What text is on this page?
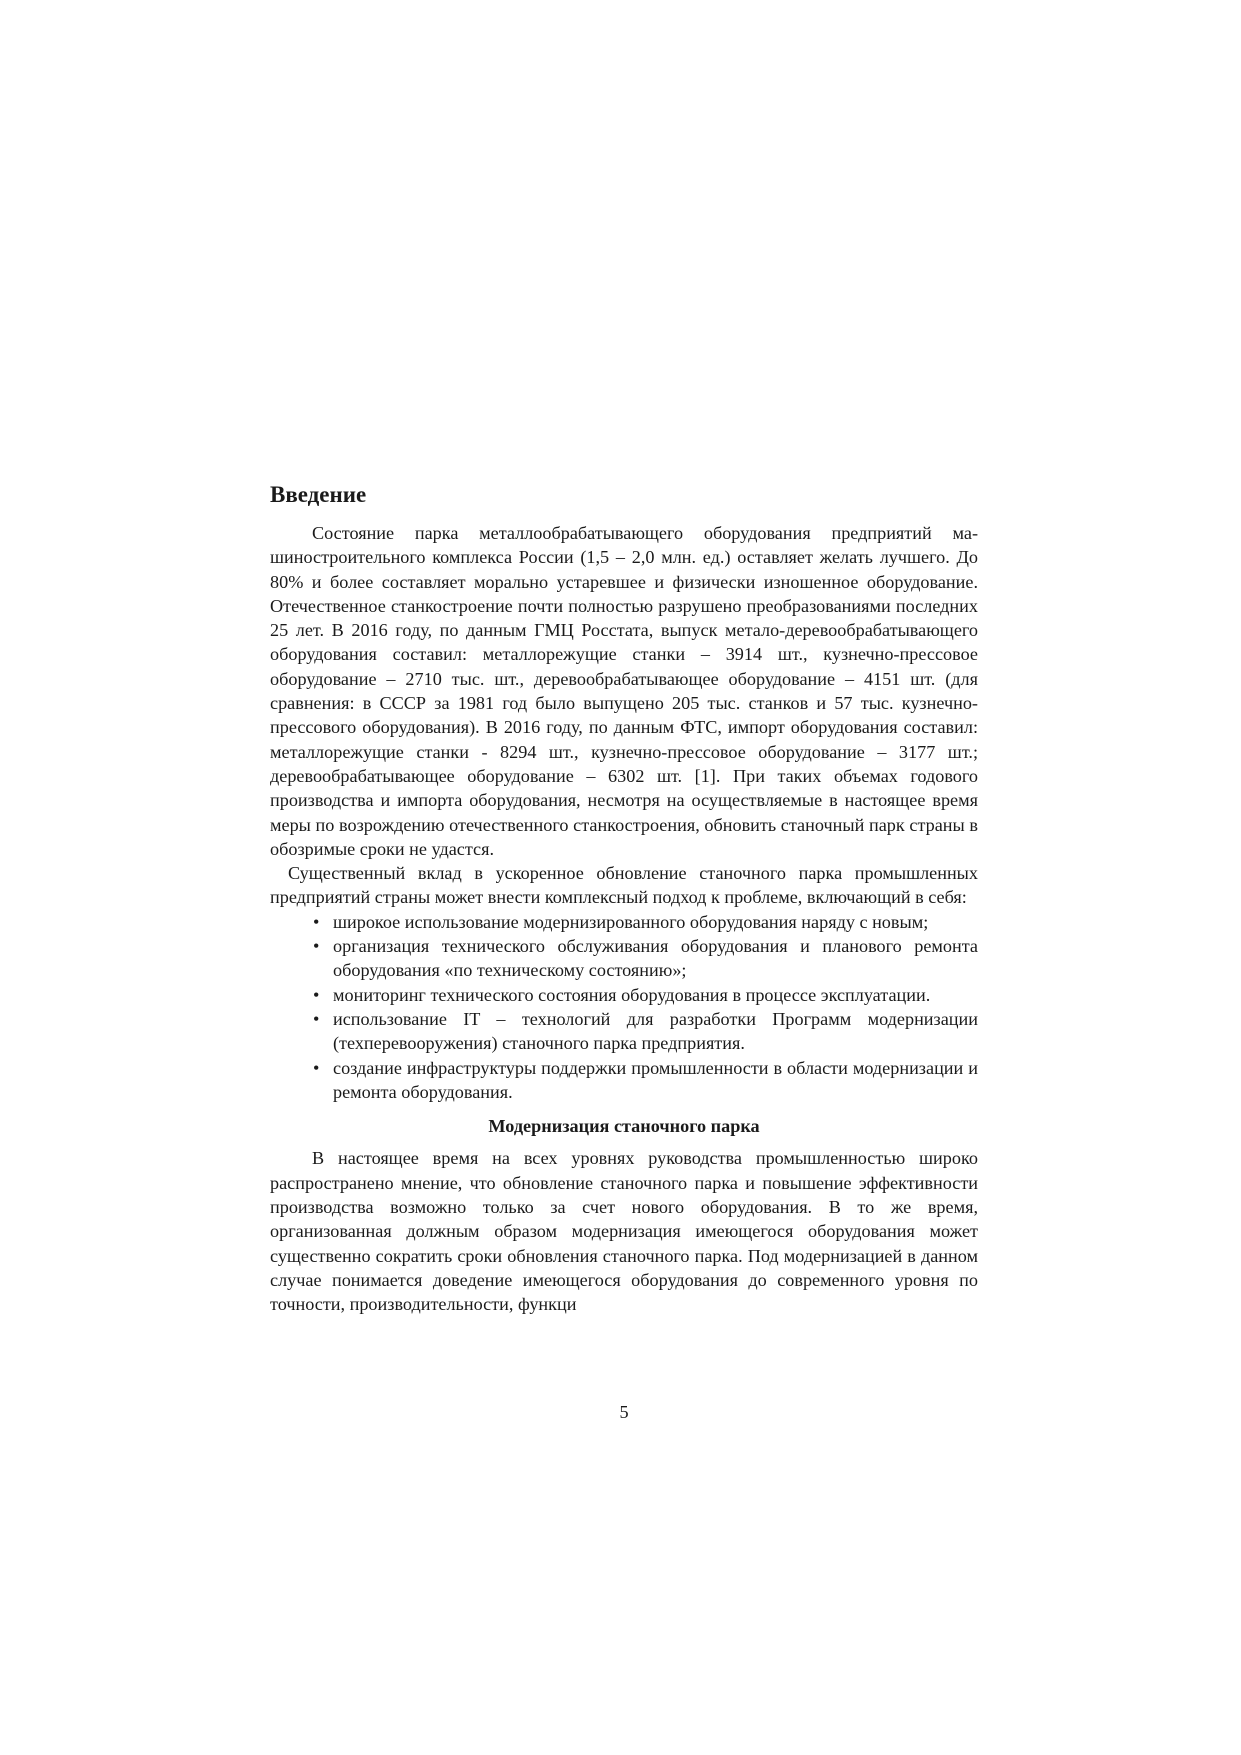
Введение

Состояние парка металлообрабатывающего оборудования предприятий машиностроительного комплекса России (1,5 – 2,0 млн. ед.) оставляет желать лучшего. До 80% и более составляет морально устаревшее и физически изношенное оборудование. Отечественное станкостроение почти полностью разрушено преобразованиями последних 25 лет. В 2016 году, по данным ГМЦ Росстата, выпуск метало-деревообрабатывающего оборудования составил: металлорежущие станки – 3914 шт., кузнечно-прессовое оборудование – 2710 тыс. шт., деревообрабатывающее оборудование – 4151 шт. (для сравнения: в СССР за 1981 год было выпущено 205 тыс. станков и 57 тыс. кузнечно-прессового оборудования). В 2016 году, по данным ФТС, импорт оборудования составил: металлорежущие станки - 8294 шт., кузнечно-прессовое оборудование – 3177 шт.; деревообрабатывающее оборудование – 6302 шт. [1]. При таких объемах годового производства и импорта оборудования, несмотря на осуществляемые в настоящее время меры по возрождению отечественного станкостроения, обновить станочный парк страны в обозримые сроки не удастся.

Существенный вклад в ускоренное обновление станочного парка промышленных предприятий страны может внести комплексный подход к проблеме, включающий в себя:

• широкое использование модернизированного оборудования наряду с новым;
• организация технического обслуживания оборудования и планового ремонта оборудования «по техническому состоянию»;
• мониторинг технического состояния оборудования в процессе эксплуатации.
• использование IT – технологий для разработки Программ модернизации (техперевооружения) станочного парка предприятия.
• создание инфраструктуры поддержки промышленности в области модернизации и ремонта оборудования.
Модернизация станочного парка

В настоящее время на всех уровнях руководства промышленностью широко распространено мнение, что обновление станочного парка и повышение эффективности производства возможно только за счет нового оборудования. В то же время, организованная должным образом модернизация имеющегося оборудования может существенно сократить сроки обновления станочного парка. Под модернизацией в данном случае понимается доведение имеющегося оборудования до современного уровня по точности, производительности, функци

5
